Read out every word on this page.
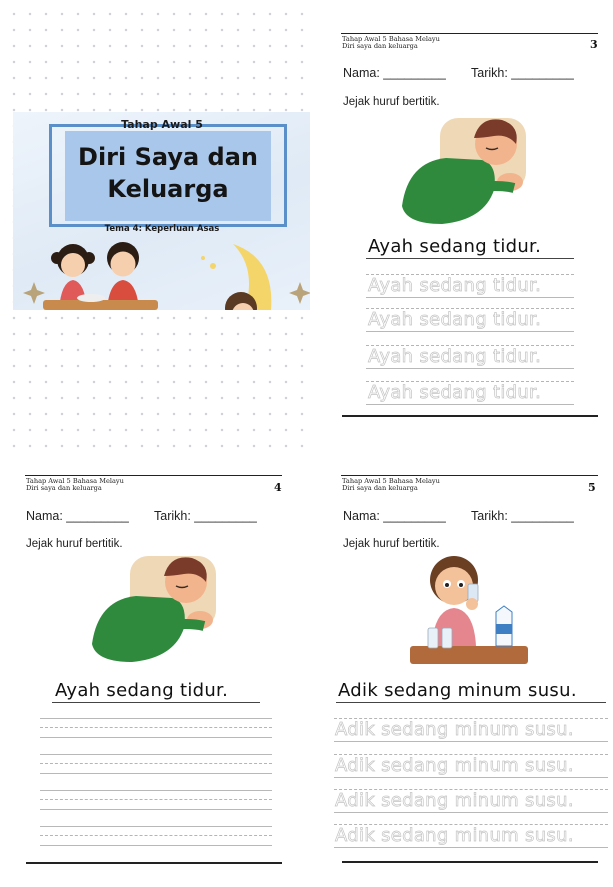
Tahap Awal 5
Diri Saya dan
Keluarga
Tema 4: Keperluan Asas
Tahap Awal 5 Bahasa Melayu
Diri saya dan keluarga	3
Nama: _________ Tarikh: _________
Jejak huruf bertitik.
Ayah sedang tidur.
Ayah sedang tidur.
Ayah sedang tidur.
Ayah sedang tidur.
Ayah sedang tidur.
Tahap Awal 5 Bahasa Melayu
Diri saya dan keluarga	4
Nama: _________ Tarikh: _________
Jejak huruf bertitik.
Ayah sedang tidur.
Tahap Awal 5 Bahasa Melayu
Diri saya dan keluarga	5
Nama: _________ Tarikh: _________
Jejak huruf bertitik.
Adik sedang minum susu.
Adik sedang minum susu.
Adik sedang minum susu.
Adik sedang minum susu.
Adik sedang minum susu.
